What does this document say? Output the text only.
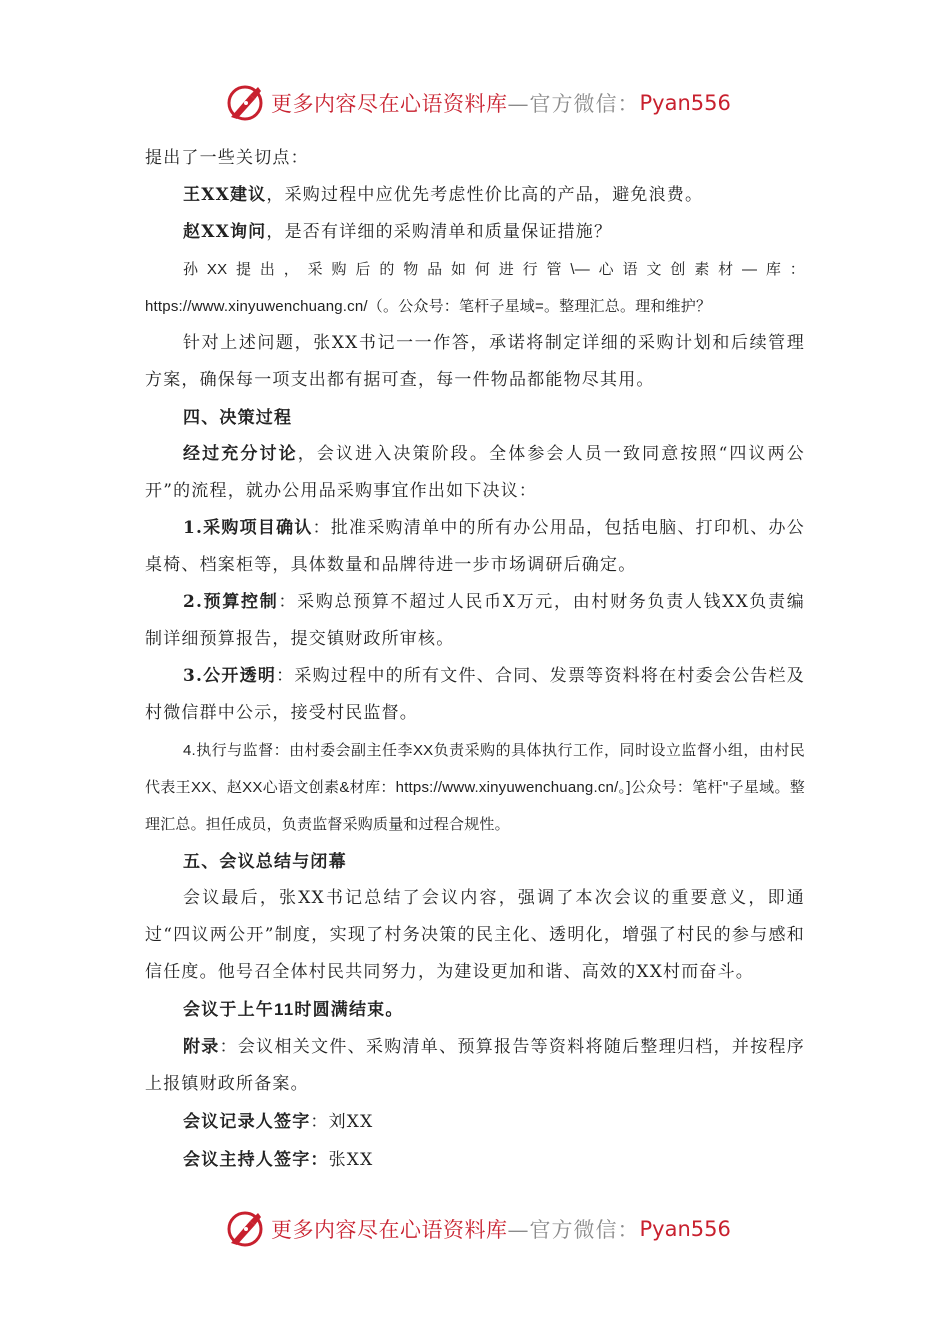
更多内容尽在心语资料库 —官方微信： Pyan556

提出了一些关切点：

王XX建议，采购过程中应优先考虑性价比高的产品，避免浪费。

赵XX询问，是否有详细的采购清单和质量保证措施？

孙XX提出，采购后的物品如何进行管\—心语文创素材—库：https://www.xinyuwenchuang.cn/（。公众号：笔杆子星域=。整理汇总。理和维护？

针对上述问题，张XX书记一一作答，承诺将制定详细的采购计划和后续管理方案，确保每一项支出都有据可查，每一件物品都能物尽其用。

四、决策过程

经过充分讨论，会议进入决策阶段。全体参会人员一致同意按照“四议两公开”的流程，就办公用品采购事宜作出如下决议：

1.采购项目确认：批准采购清单中的所有办公用品，包括电脑、打印机、办公桌椅、档案柜等，具体数量和品牌待进一步市场调研后确定。

2.预算控制：采购总预算不超过人民币X万元，由村财务负责人钱XX负责编制详细预算报告，提交镇财政所审核。

3.公开透明：采购过程中的所有文件、合同、发票等资料将在村委会公告栏及村微信群中公示，接受村民监督。

4.执行与监督：由村委会副主任李XX负责采购的具体执行工作，同时设立监督小组，由村民代表王XX、赵XX心语文创素&材库：https://www.xinyuwenchuang.cn/。]公众号：笔杆"子星域。整理汇总。担任成员，负责监督采购质量和过程合规性。

五、会议总结与闭幕

会议最后，张XX书记总结了会议内容，强调了本次会议的重要意义，即通过“四议两公开”制度，实现了村务决策的民主化、透明化，增强了村民的参与感和信任度。他号召全体村民共同努力，为建设更加和谐、高效的XX村而奋斗。

会议于上午11时圆满结束。

附录：会议相关文件、采购清单、预算报告等资料将随后整理归档，并按程序上报镇财政所备案。

会议记录人签字：刘XX

会议主持人签字：张XX

更多内容尽在心语资料库 —官方微信： Pyan556
